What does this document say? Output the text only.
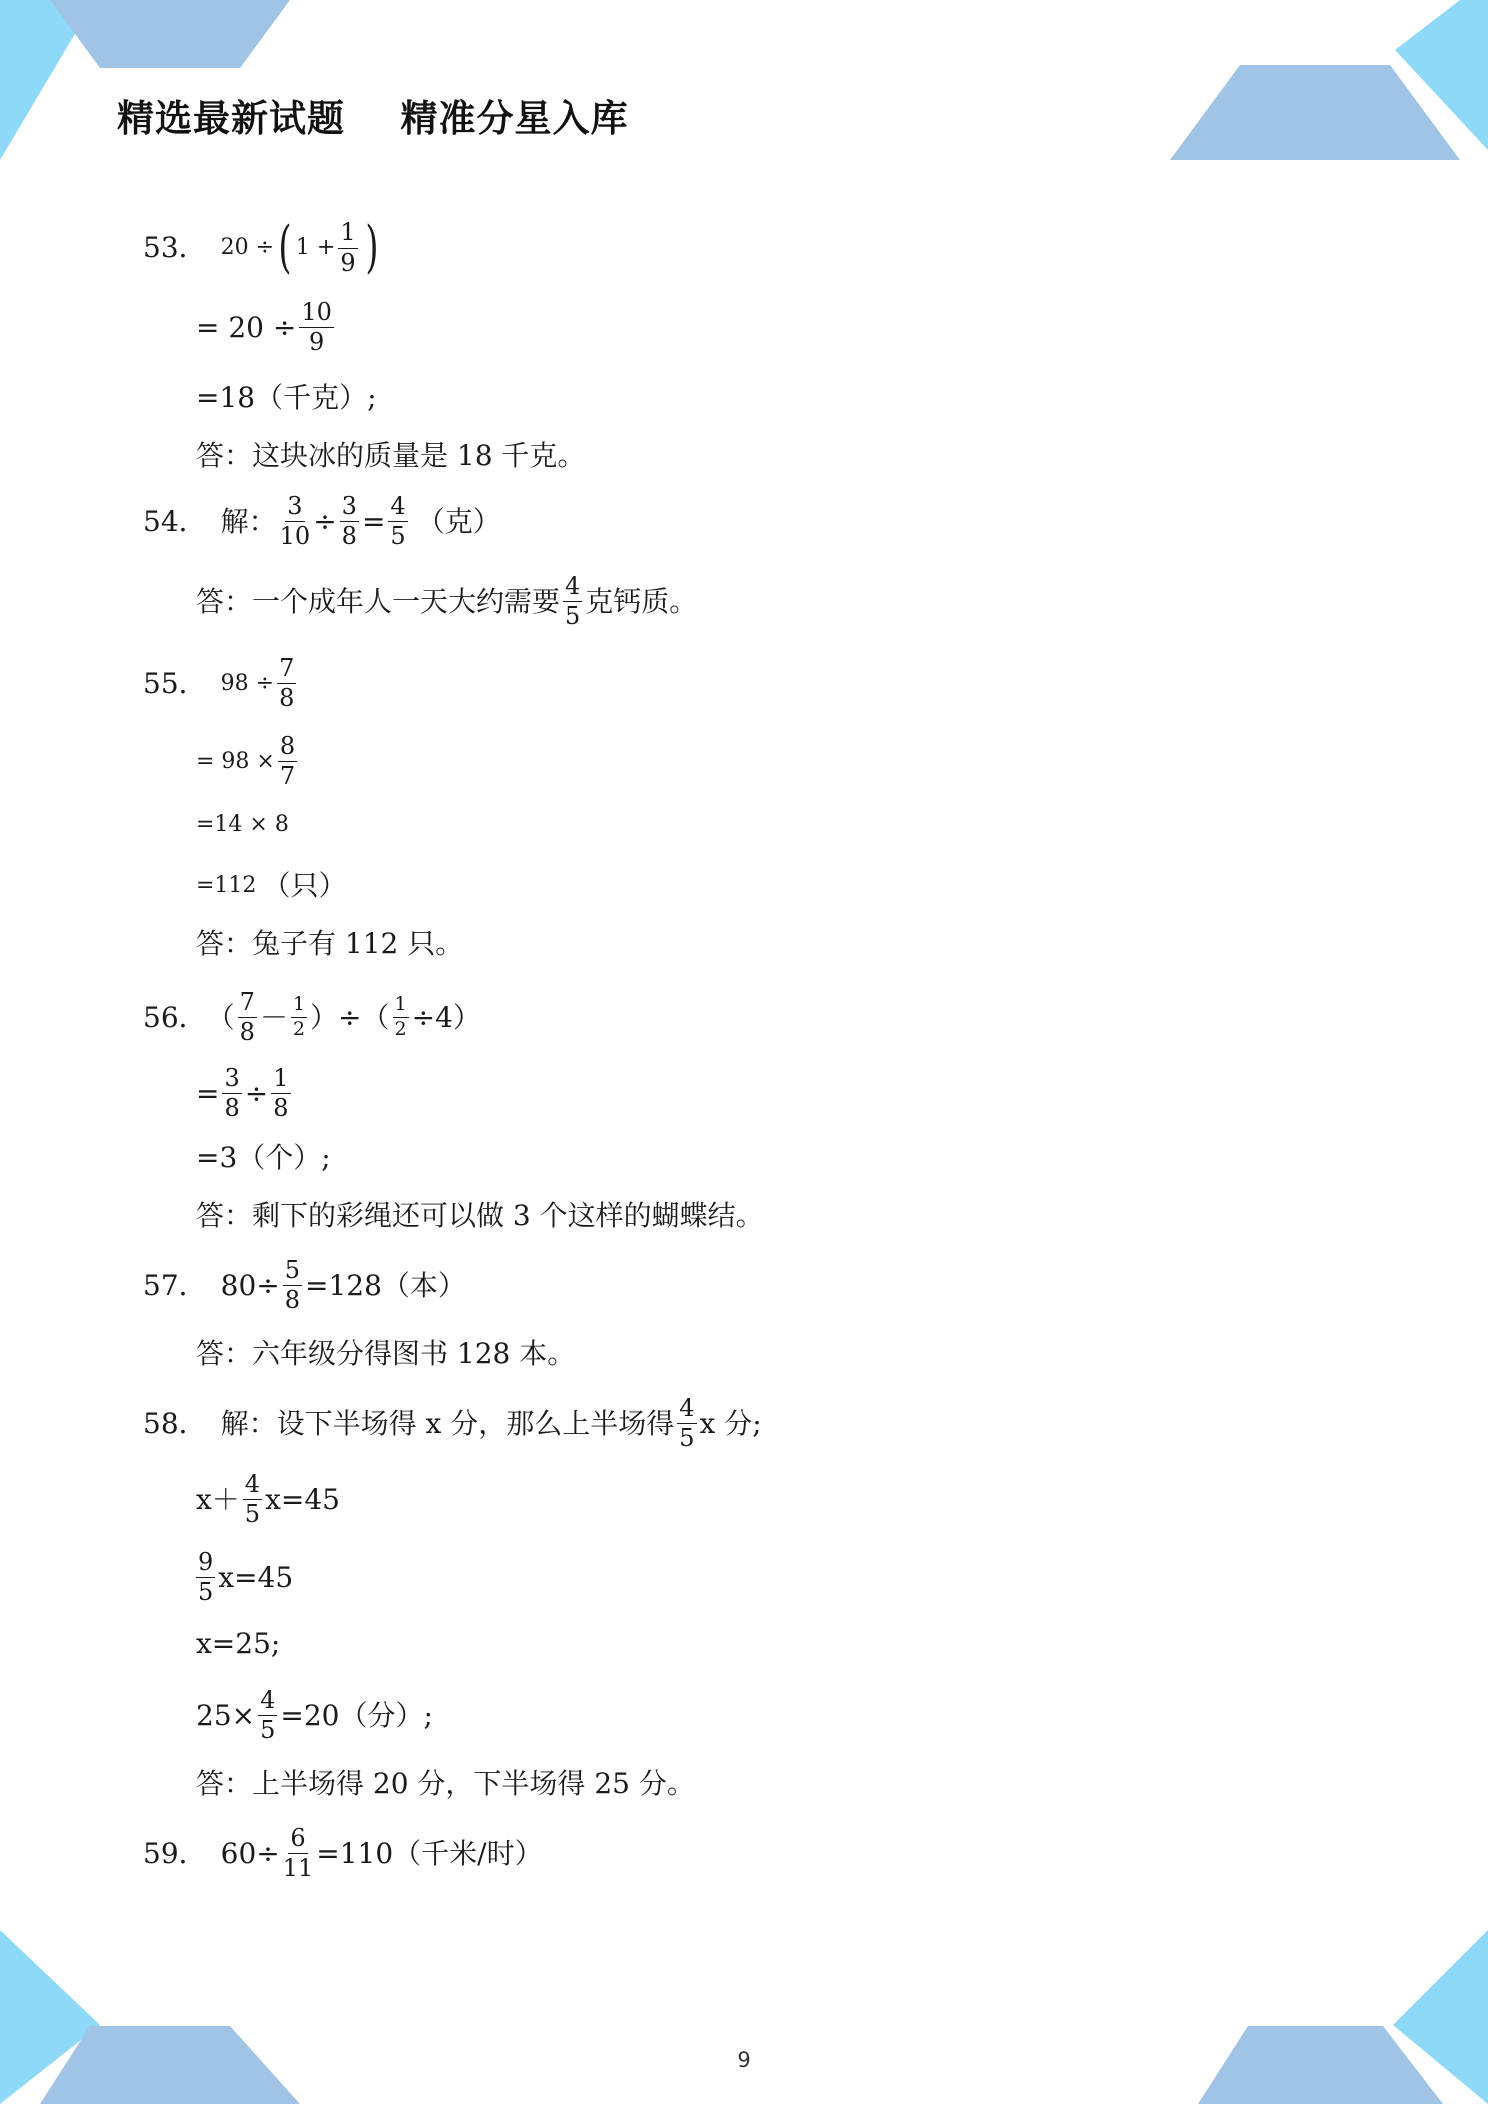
精选最新试题    精准分星入库
53． 20 ÷ ( $1 + \frac{1}{9}$ )
= $20 \div \frac{10}{9}$
=18（千克）;
答：这块冰的质量是 18 千克。
54． 解： $\frac{3}{10} \div \frac{3}{8} = \frac{4}{5}$ （克）
答：一个成年人一天大约需要 $\frac{4}{5}$ 克钙质。
55． $98 \div \frac{7}{8}$
= $98 \times \frac{8}{7}$
=14 × 8
=112 （只）
答：兔子有 112 只。
56． （ $\frac{7}{8} - \frac{1}{2}$ ）÷（ $\frac{1}{2} \div 4$）
= $\frac{3}{8} \div \frac{1}{8}$
=3（个）;
答：剩下的彩绳还可以做 3 个这样的蝴蝶结。
57． $80\div \frac{5}{8} =128$（本）
答：六年级分得图书 128 本。
58． 解：设下半场得 x 分，那么上半场得 $\frac{4}{5}$ x 分;
$x+ \frac{4}{5} x=45$
$\frac{9}{5} x=45$
x=25;
$25\times \frac{4}{5} =20$（分）;
答：上半场得 20 分，下半场得 25 分。
59． $60\div \frac{6}{11} =110$（千米/时）
9
